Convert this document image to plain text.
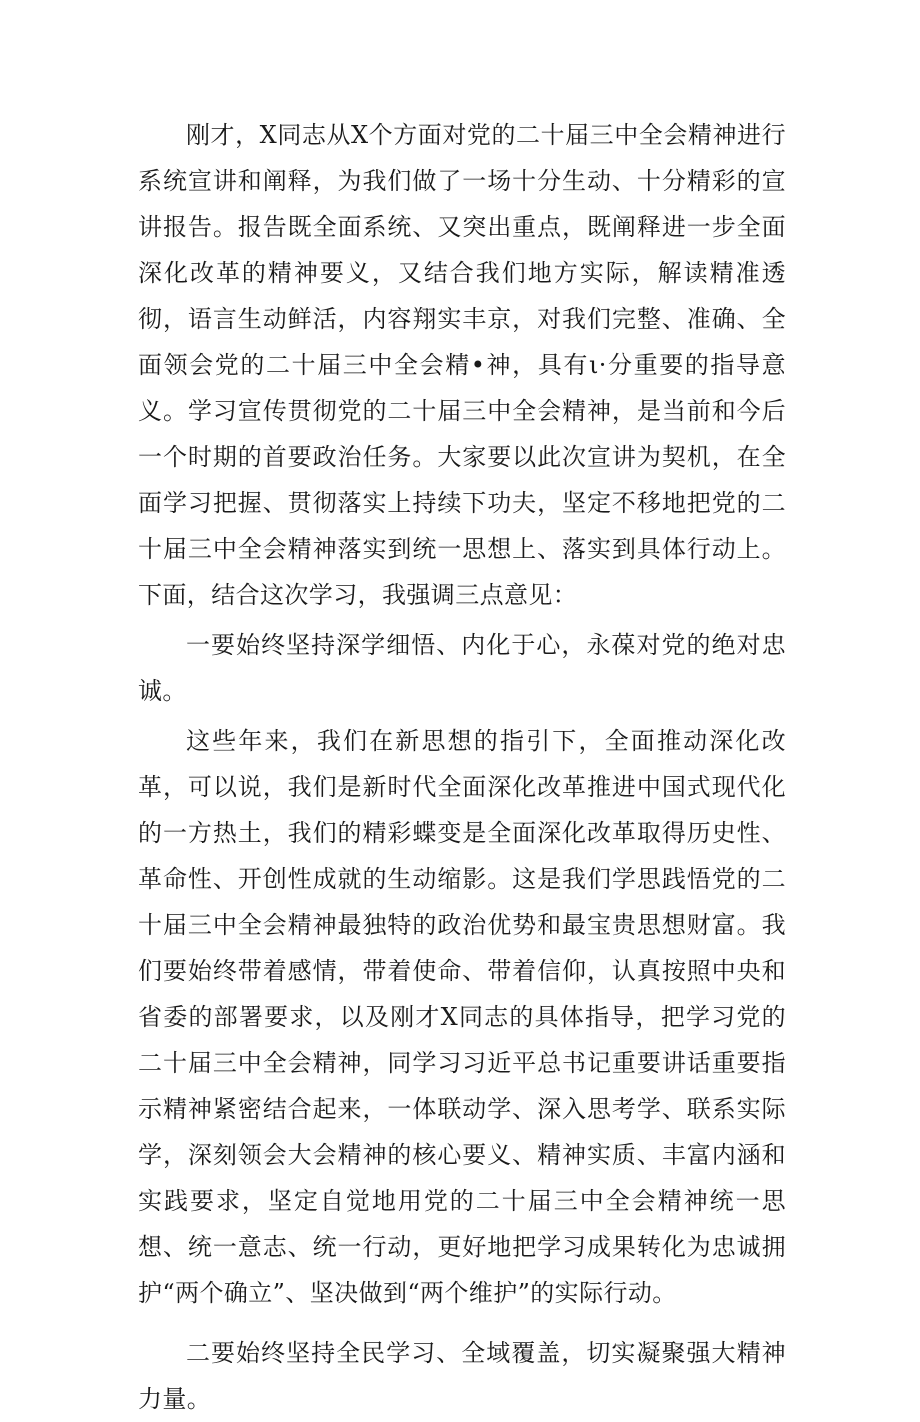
刚才，X同志从X个方面对党的二十届三中全会精神进行系统宣讲和阐释，为我们做了一场十分生动、十分精彩的宣讲报告。报告既全面系统、又突出重点，既阐释进一步全面深化改革的精神要义，又结合我们地方实际，解读精准透彻，语言生动鲜活，内容翔实丰京，对我们完整、准确、全面领会党的二十届三中全会精•神，具有ι·分重要的指导意义。学习宣传贯彻党的二十届三中全会精神，是当前和今后一个时期的首要政治任务。大家要以此次宣讲为契机，在全面学习把握、贯彻落实上持续下功夫，坚定不移地把党的二十届三中全会精神落实到统一思想上、落实到具体行动上。下面，结合这次学习，我强调三点意见：

一要始终坚持深学细悟、内化于心，永葆对党的绝对忠诚。

这些年来，我们在新思想的指引下，全面推动深化改革，可以说，我们是新时代全面深化改革推进中国式现代化的一方热土，我们的精彩蝶变是全面深化改革取得历史性、革命性、开创性成就的生动缩影。这是我们学思践悟党的二十届三中全会精神最独特的政治优势和最宝贵思想财富。我们要始终带着感情，带着使命、带着信仰，认真按照中央和省委的部署要求，以及刚才X同志的具体指导，把学习党的二十届三中全会精神，同学习习近平总书记重要讲话重要指示精神紧密结合起来，一体联动学、深入思考学、联系实际学，深刻领会大会精神的核心要义、精神实质、丰富内涵和实践要求，坚定自觉地用党的二十届三中全会精神统一思想、统一意志、统一行动，更好地把学习成果转化为忠诚拥护“两个确立”、坚决做到“两个维护”的实际行动。

二要始终坚持全民学习、全域覆盖，切实凝聚强大精神力量。
